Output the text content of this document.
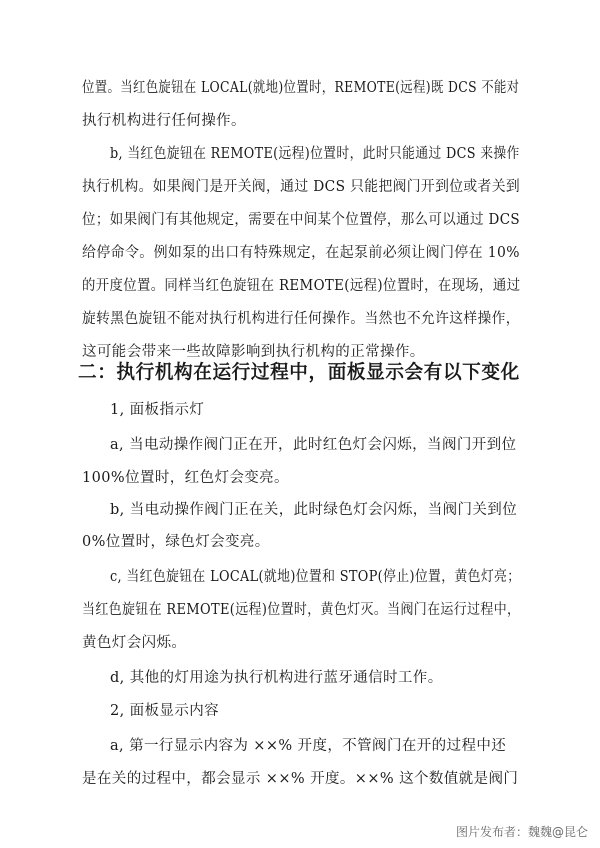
位置。当红色旋钮在 LOCAL(就地)位置时，REMOTE(远程)既 DCS 不能对

执行机构进行任何操作。

b, 当红色旋钮在 REMOTE(远程)位置时，此时只能通过 DCS 来操作

执行机构。如果阀门是开关阀，通过 DCS 只能把阀门开到位或者关到

位；如果阀门有其他规定，需要在中间某个位置停，那么可以通过 DCS

给停命令。例如泵的出口有特殊规定，在起泵前必须让阀门停在 10%

的开度位置。同样当红色旋钮在 REMOTE(远程)位置时，在现场，通过

旋转黑色旋钮不能对执行机构进行任何操作。当然也不允许这样操作，

这可能会带来一些故障影响到执行机构的正常操作。

二：执行机构在运行过程中，面板显示会有以下变化

1, 面板指示灯

a, 当电动操作阀门正在开，此时红色灯会闪烁，当阀门开到位

100%位置时，红色灯会变亮。

b, 当电动操作阀门正在关，此时绿色灯会闪烁，当阀门关到位

0%位置时，绿色灯会变亮。

c, 当红色旋钮在 LOCAL(就地)位置和 STOP(停止)位置，黄色灯亮；

当红色旋钮在 REMOTE(远程)位置时，黄色灯灭。当阀门在运行过程中，

黄色灯会闪烁。

d, 其他的灯用途为执行机构进行蓝牙通信时工作。

2, 面板显示内容

a, 第一行显示内容为 ××% 开度，不管阀门在开的过程中还

是在关的过程中，都会显示 ××% 开度。××% 这个数值就是阀门

图片发布者：魏魏@昆仑
